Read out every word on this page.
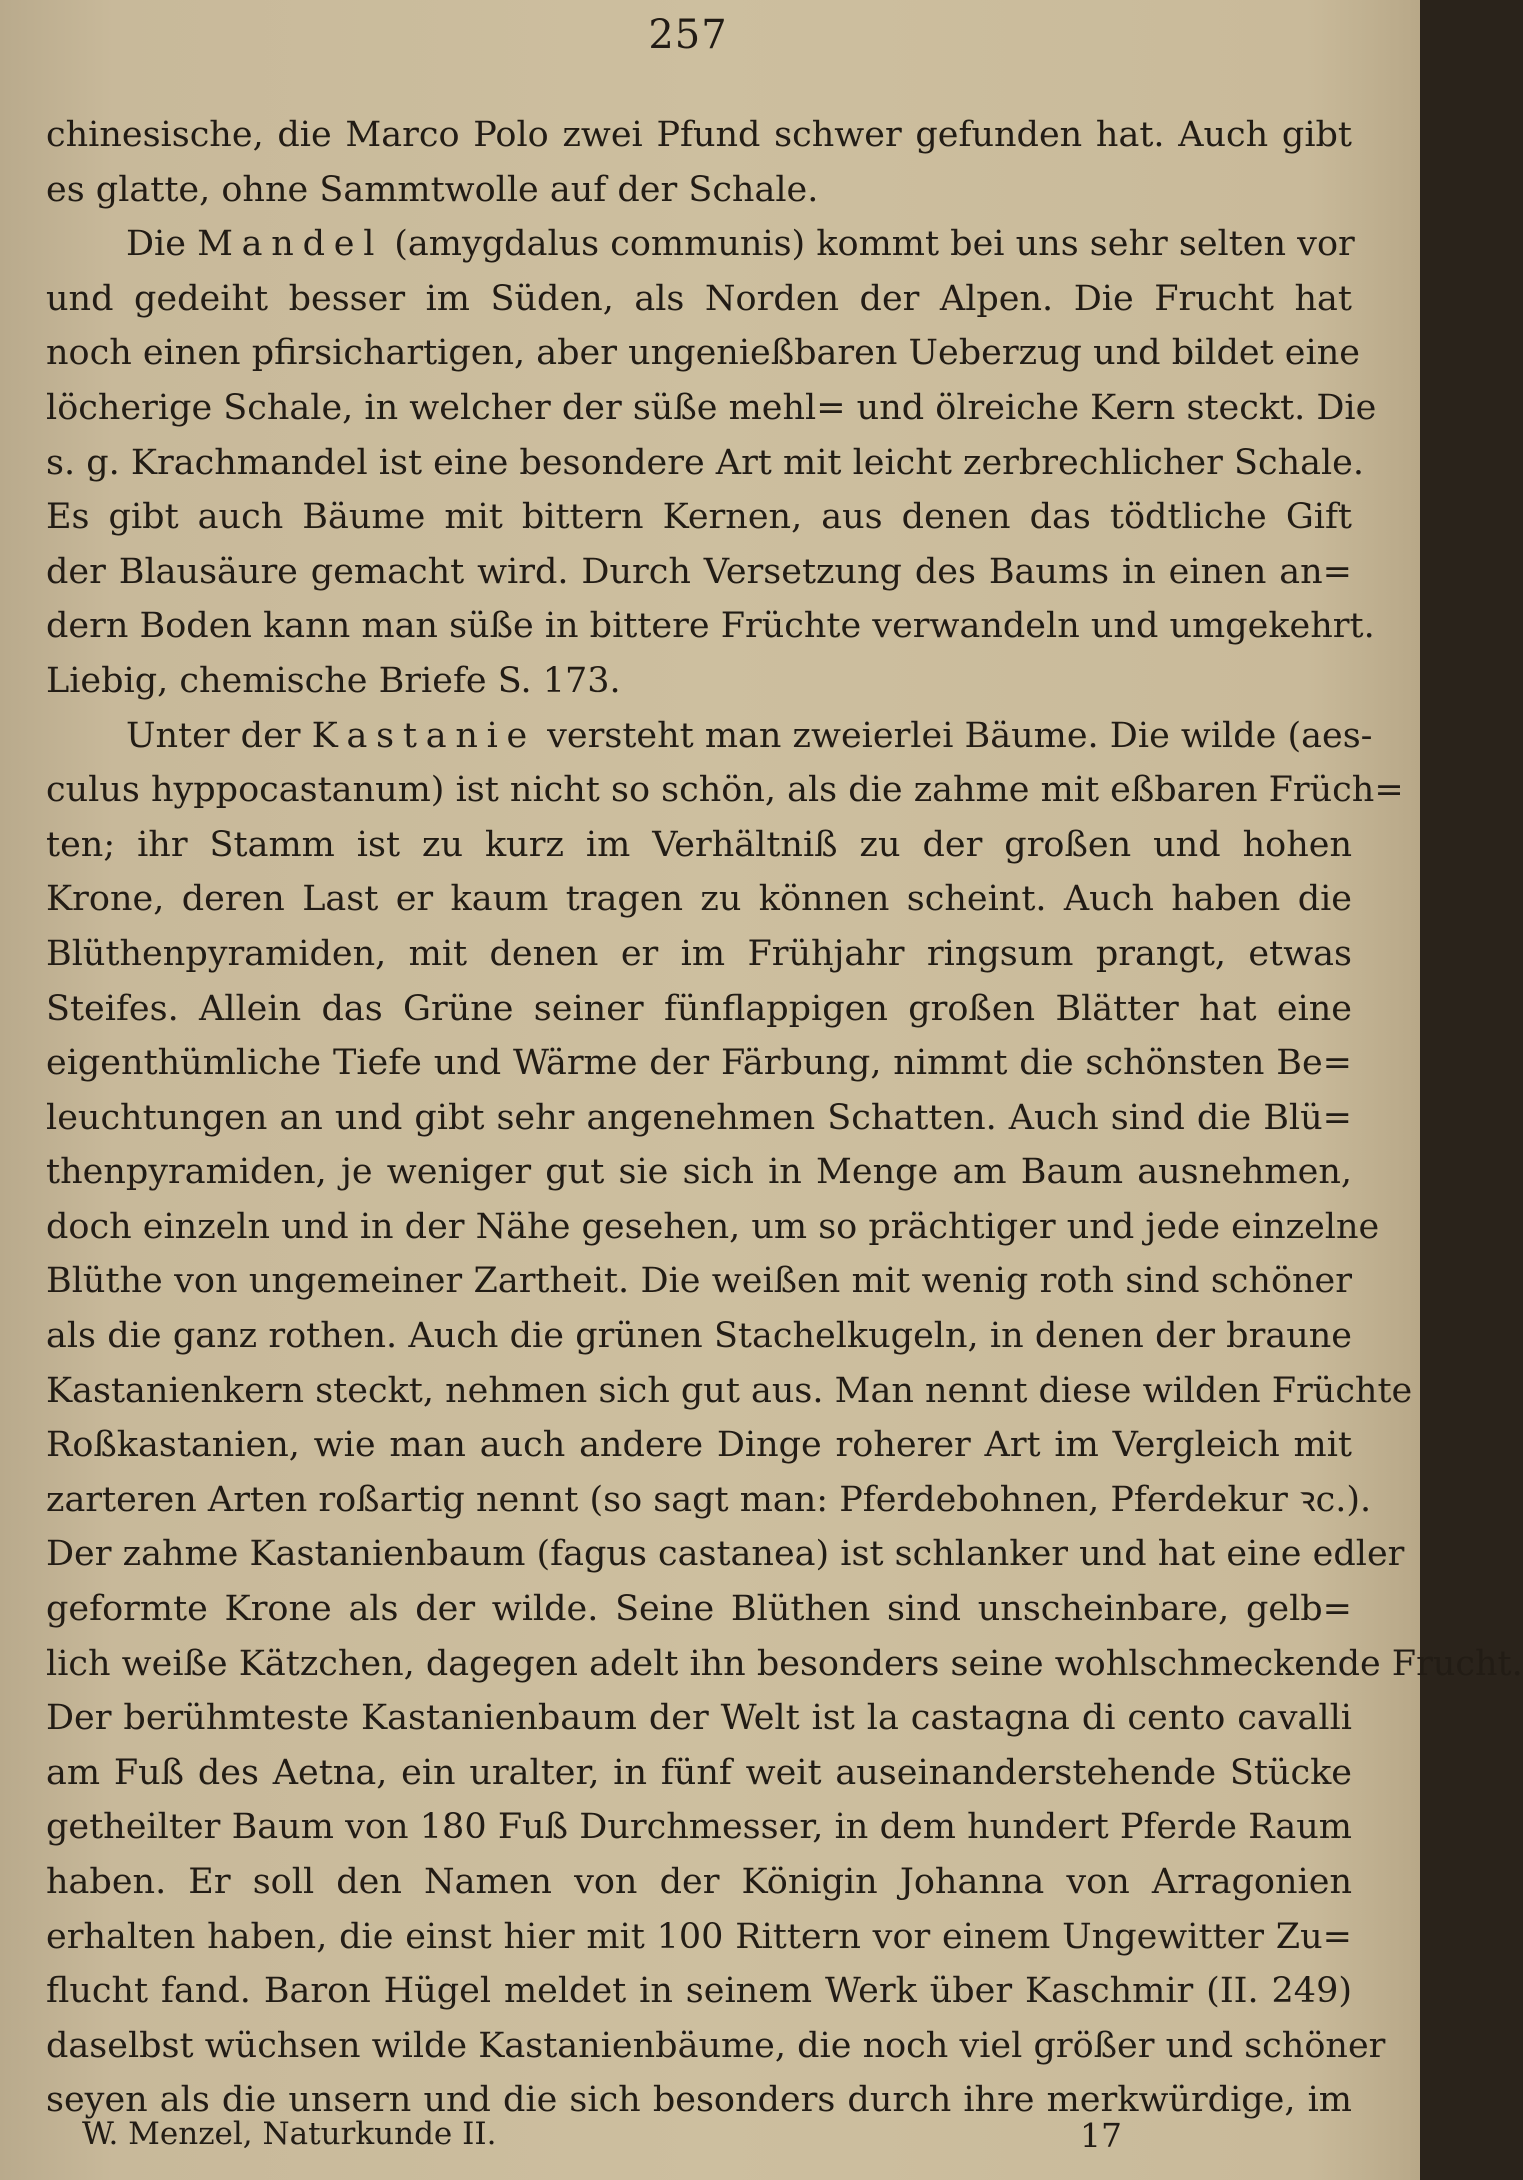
257
chinesische, die Marco Polo zwei Pfund schwer gefunden hat. Auch gibt
es glatte, ohne Sammtwolle auf der Schale.
Die Mandel (amygdalus communis) kommt bei uns sehr selten vor
und gedeiht besser im Süden, als Norden der Alpen. Die Frucht hat
noch einen pfirsichartigen, aber ungenießbaren Ueberzug und bildet eine
löcherige Schale, in welcher der süße mehl= und ölreiche Kern steckt. Die
s. g. Krachmandel ist eine besondere Art mit leicht zerbrechlicher Schale.
Es gibt auch Bäume mit bittern Kernen, aus denen das tödtliche Gift
der Blausäure gemacht wird. Durch Versetzung des Baums in einen an=
dern Boden kann man süße in bittere Früchte verwandeln und umgekehrt.
Liebig, chemische Briefe S. 173.
Unter der Kastanie versteht man zweierlei Bäume. Die wilde (aes-
culus hyppocastanum) ist nicht so schön, als die zahme mit eßbaren Früch=
ten; ihr Stamm ist zu kurz im Verhältniß zu der großen und hohen
Krone, deren Last er kaum tragen zu können scheint. Auch haben die
Blüthenpyramiden, mit denen er im Frühjahr ringsum prangt, etwas
Steifes. Allein das Grüne seiner fünflappigen großen Blätter hat eine
eigenthümliche Tiefe und Wärme der Färbung, nimmt die schönsten Be=
leuchtungen an und gibt sehr angenehmen Schatten. Auch sind die Blü=
thenpyramiden, je weniger gut sie sich in Menge am Baum ausnehmen,
doch einzeln und in der Nähe gesehen, um so prächtiger und jede einzelne
Blüthe von ungemeiner Zartheit. Die weißen mit wenig roth sind schöner
als die ganz rothen. Auch die grünen Stachelkugeln, in denen der braune
Kastanienkern steckt, nehmen sich gut aus. Man nennt diese wilden Früchte
Roßkastanien, wie man auch andere Dinge roherer Art im Vergleich mit
zarteren Arten roßartig nennt (so sagt man: Pferdebohnen, Pferdekur ꝛc.).
Der zahme Kastanienbaum (fagus castanea) ist schlanker und hat eine edler
geformte Krone als der wilde. Seine Blüthen sind unscheinbare, gelb=
lich weiße Kätzchen, dagegen adelt ihn besonders seine wohlschmeckende Frucht.
Der berühmteste Kastanienbaum der Welt ist la castagna di cento cavalli
am Fuß des Aetna, ein uralter, in fünf weit auseinanderstehende Stücke
getheilter Baum von 180 Fuß Durchmesser, in dem hundert Pferde Raum
haben. Er soll den Namen von der Königin Johanna von Arragonien
erhalten haben, die einst hier mit 100 Rittern vor einem Ungewitter Zu=
flucht fand. Baron Hügel meldet in seinem Werk über Kaschmir (II. 249)
daselbst wüchsen wilde Kastanienbäume, die noch viel größer und schöner
seyen als die unsern und die sich besonders durch ihre merkwürdige, im
W. Menzel, Naturkunde II.	17
